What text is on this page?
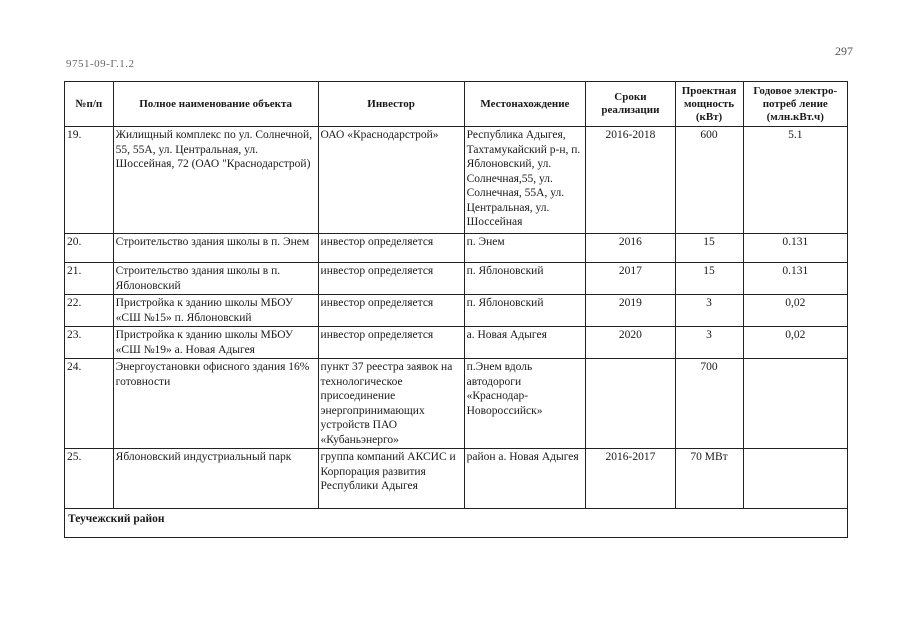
297
9751-09-Г.1.2
№п/п	Полное наименование объекта	Инвестор	Местонахождение	Сроки реализации	Проектная мощность (кВт)	Годовое электро-потреб ление (млн.кВт.ч)
19.	Жилищный комплекс по ул. Солнечной, 55, 55А, ул. Центральная, ул. Шоссейная, 72 (ОАО "Краснодарстрой)	ОАО «Краснодарстрой»	Республика Адыгея, Тахтамукайский р-н, п. Яблоновский, ул. Солнечная,55, ул. Солнечная, 55А, ул. Центральная, ул. Шоссейная	2016-2018	600	5.1
20.	Строительство здания школы в п. Энем	инвестор определяется	п. Энем	2016	15	0.131
21.	Строительство здания школы в п. Яблоновский	инвестор определяется	п. Яблоновский	2017	15	0.131
22.	Пристройка к зданию школы МБОУ «СШ №15» п. Яблоновский	инвестор определяется	п. Яблоновский	2019	3	0,02
23.	Пристройка к зданию школы МБОУ «СШ №19» а. Новая Адыгея	инвестор определяется	а. Новая Адыгея	2020	3	0,02
24.	Энергоустановки офисного здания 16% готовности	пункт 37 реестра заявок на технологическое присоединение энергопринимающих устройств ПАО «Кубаньэнерго»	п.Энем вдоль автодороги «Краснодар-Новороссийск»		700	
25.	Яблоновский индустриальный парк	группа компаний АКСИС и Корпорация развития Республики Адыгея	район а. Новая Адыгея	2016-2017	70 МВт	
Теучежский район						
